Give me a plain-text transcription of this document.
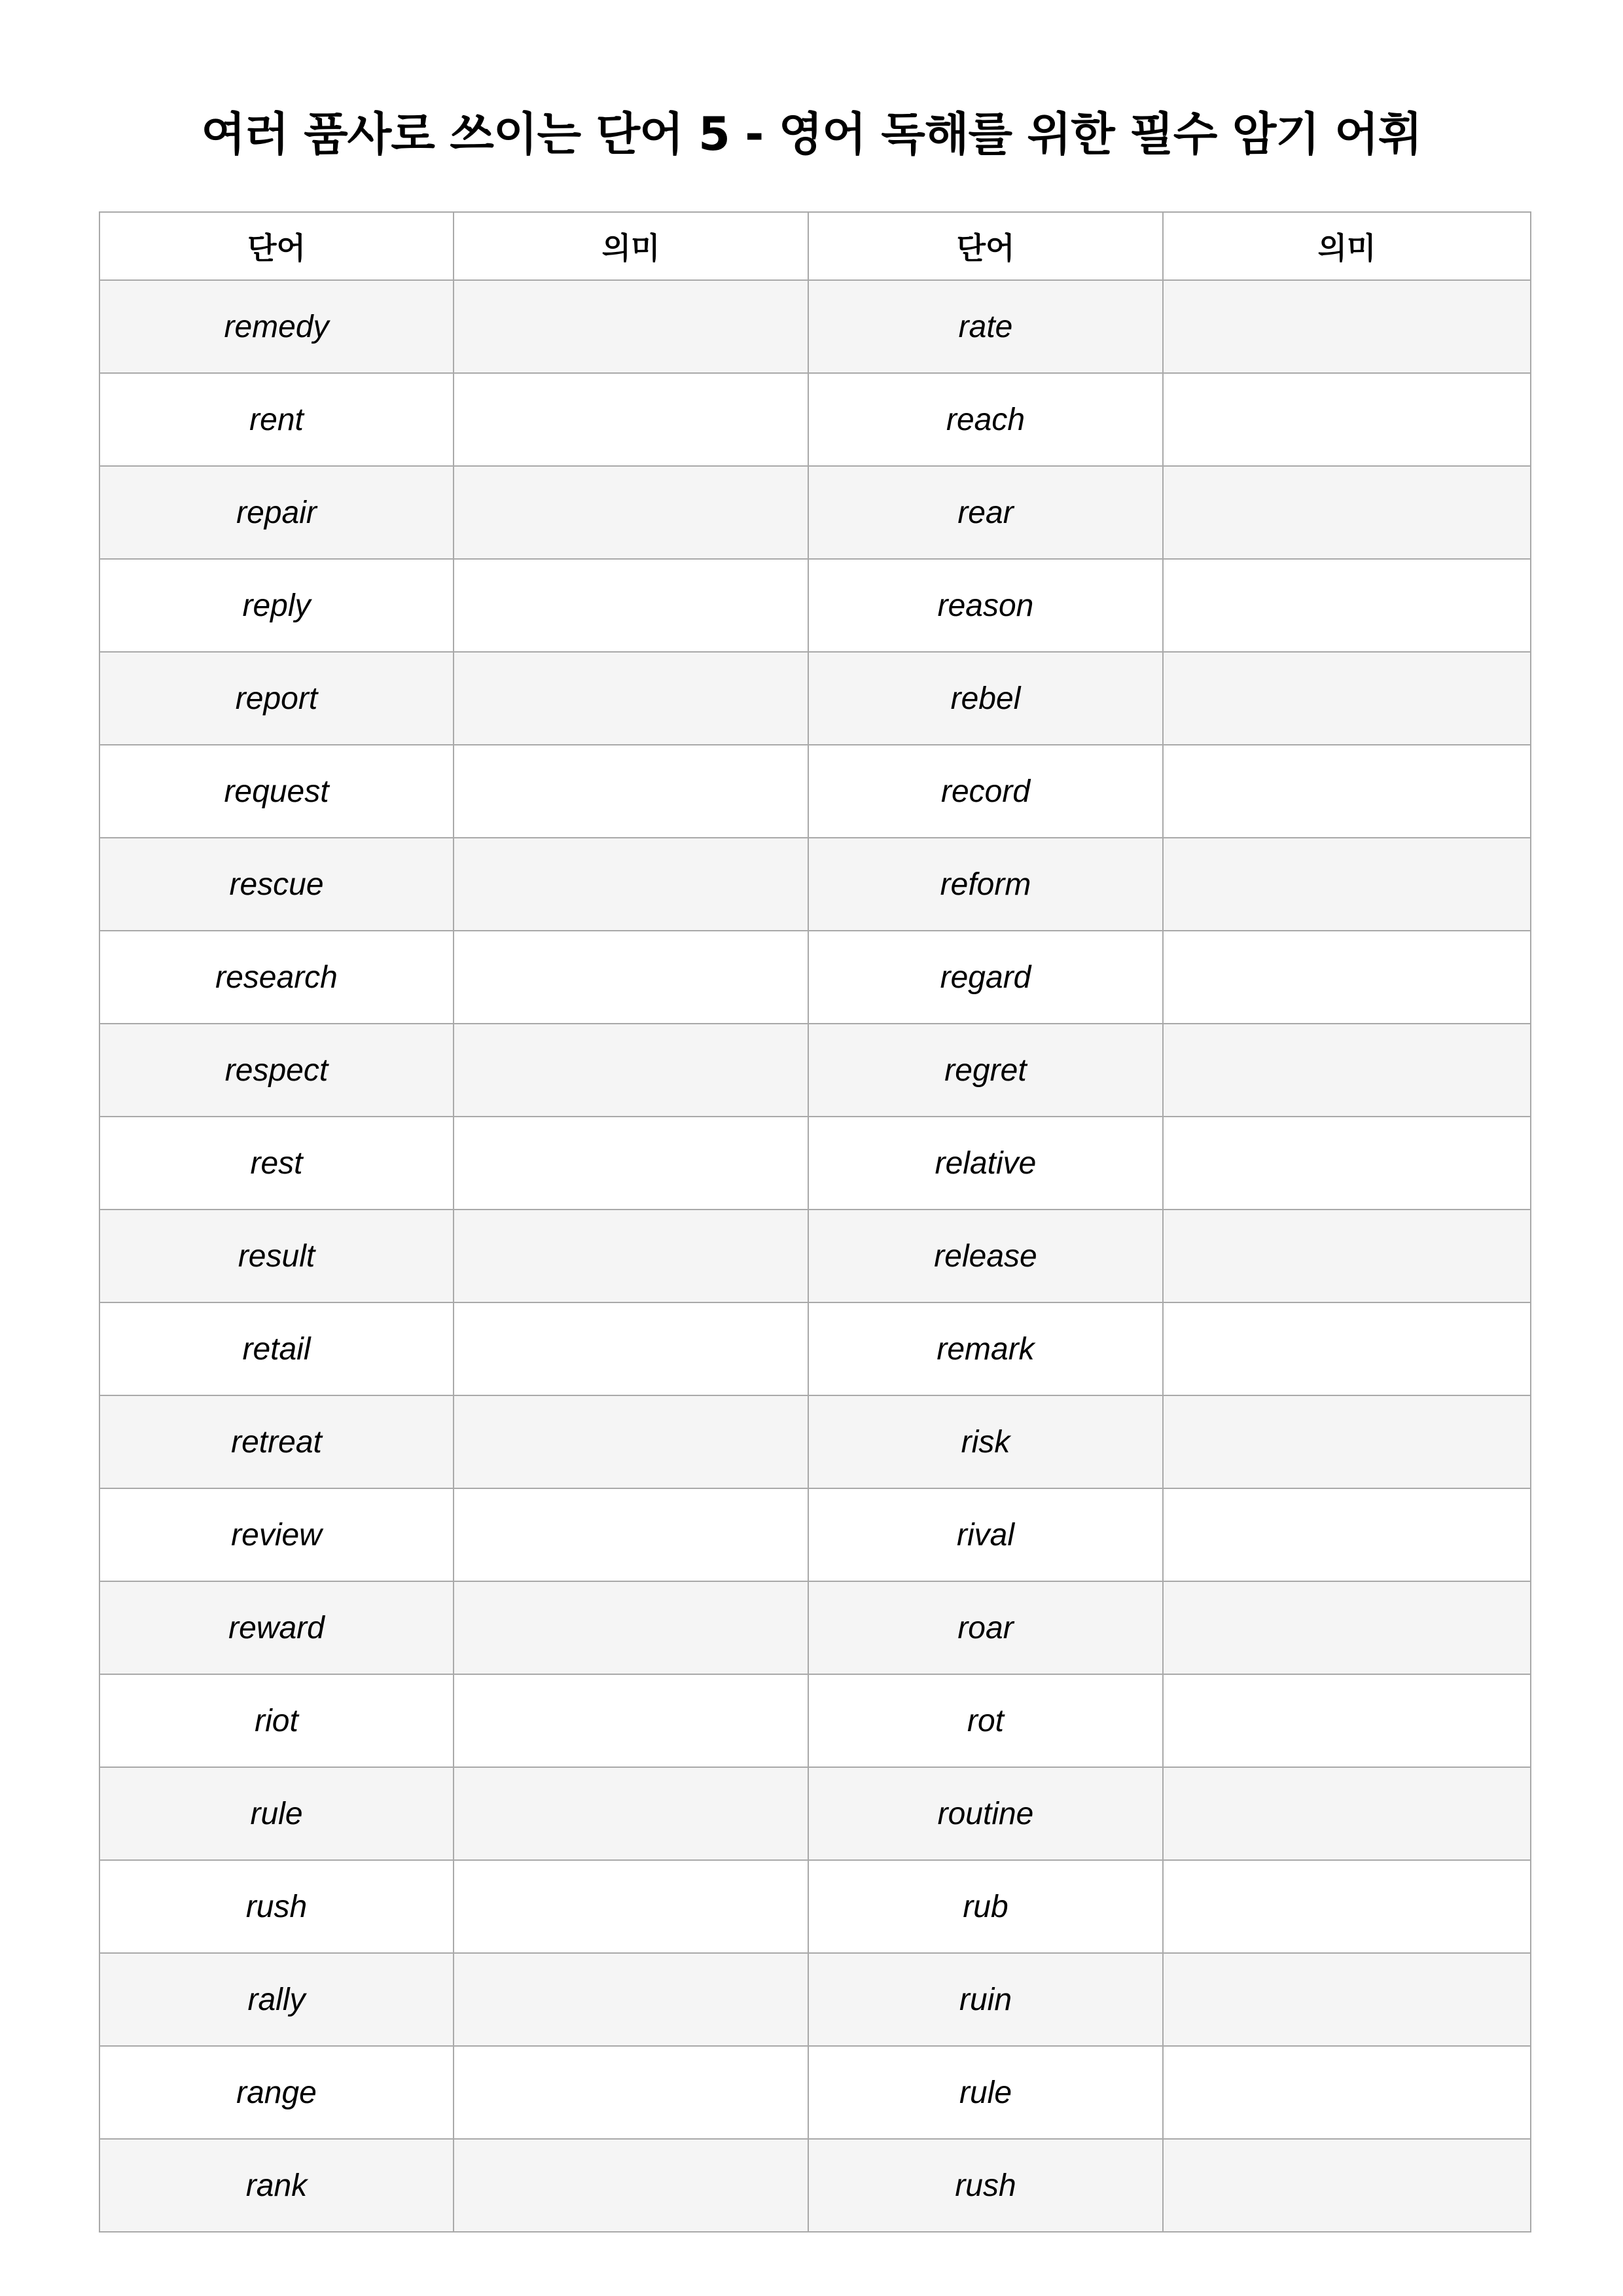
여러 품사로 쓰이는 단어 5 - 영어 독해를 위한 필수 암기 어휘
단어	의미	단어	의미
remedy		rate	
rent		reach	
repair		rear	
reply		reason	
report		rebel	
request		record	
rescue		reform	
research		regard	
respect		regret	
rest		relative	
result		release	
retail		remark	
retreat		risk	
review		rival	
reward		roar	
riot		rot	
rule		routine	
rush		rub	
rally		ruin	
range		rule	
rank		rush	
